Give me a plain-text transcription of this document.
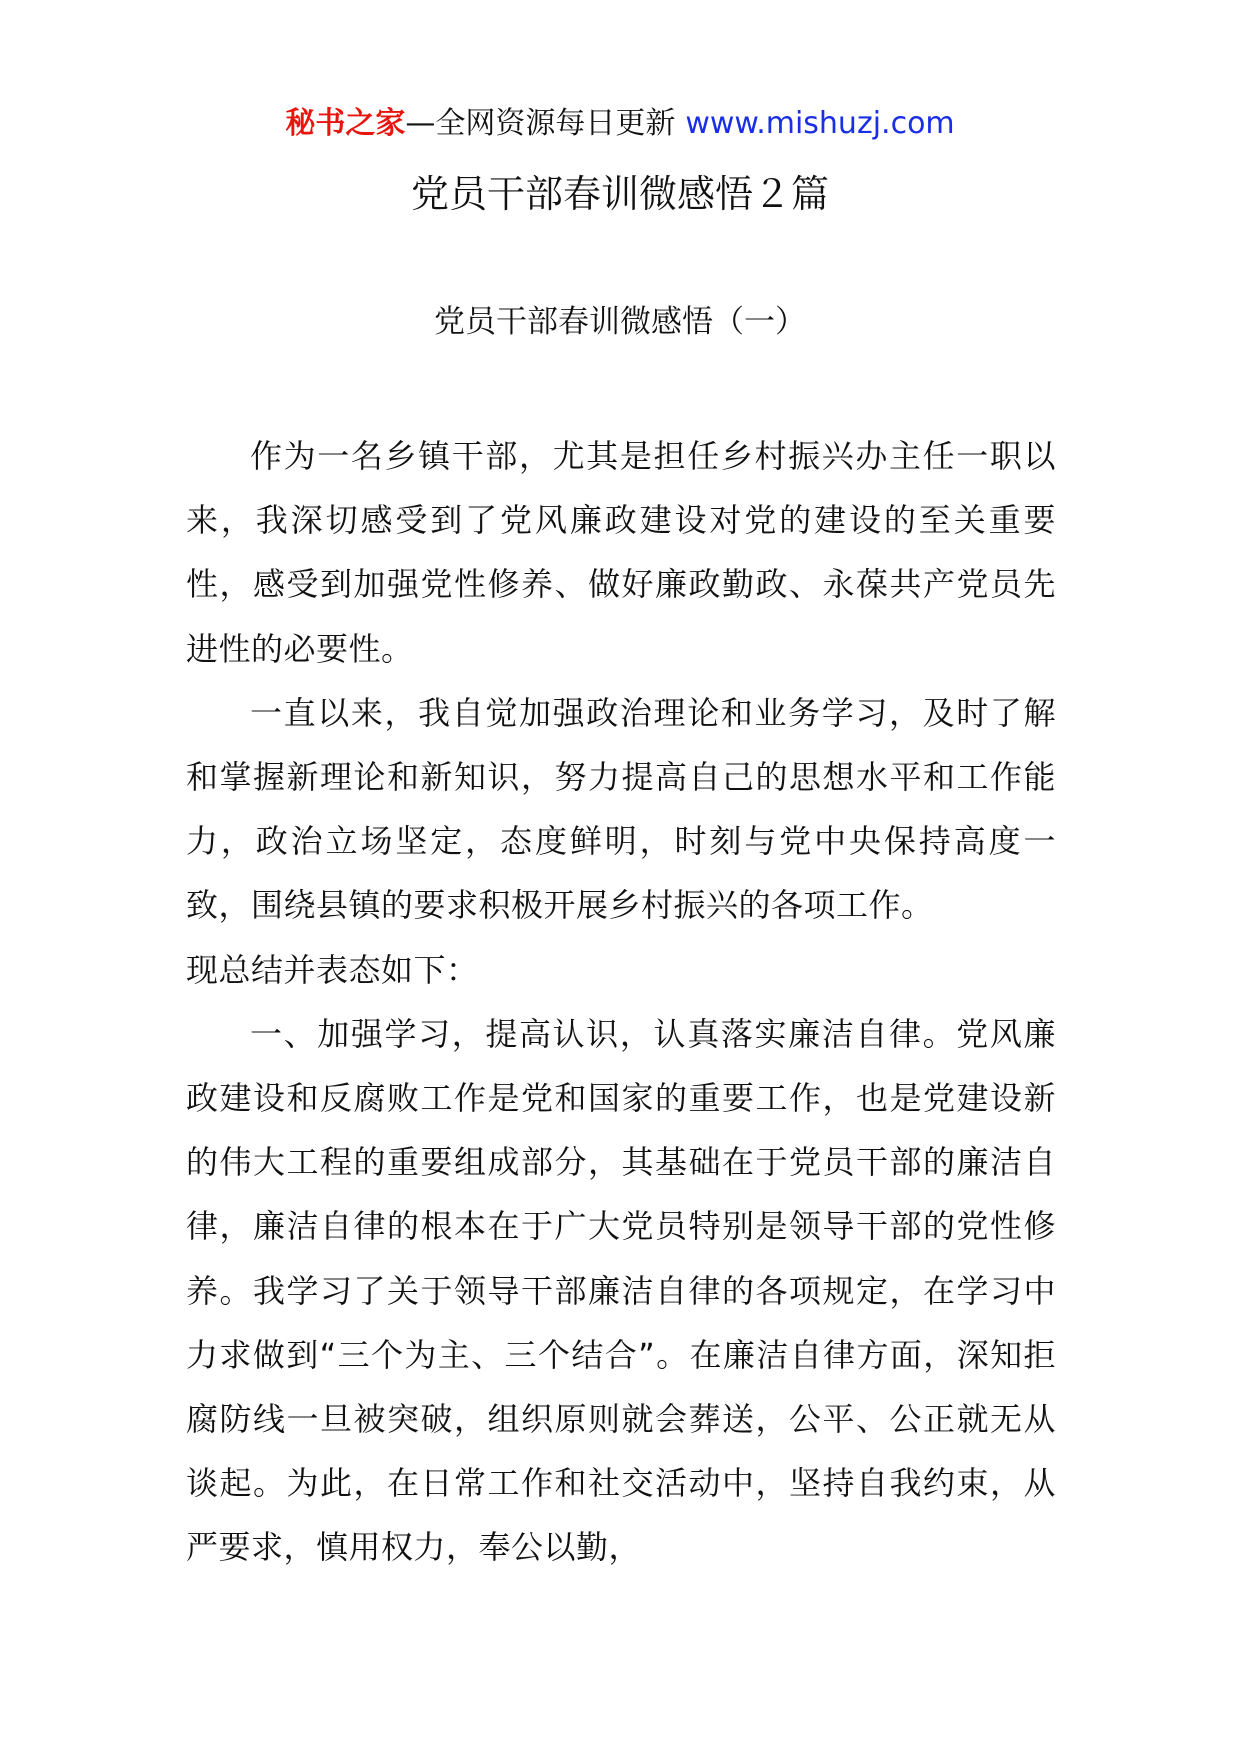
秘书之家—全网资源每日更新 www.mishuzj.com
党员干部春训微感悟２篇
党员干部春训微感悟（一）

作为一名乡镇干部，尤其是担任乡村振兴办主任一职以来，我深切感受到了党风廉政建设对党的建设的至关重要性，感受到加强党性修养、做好廉政勤政、永葆共产党员先进性的必要性。

一直以来，我自觉加强政治理论和业务学习，及时了解和掌握新理论和新知识，努力提高自己的思想水平和工作能力，政治立场坚定，态度鲜明，时刻与党中央保持高度一致，围绕县镇的要求积极开展乡村振兴的各项工作。

现总结并表态如下：

一、加强学习，提高认识，认真落实廉洁自律。党风廉政建设和反腐败工作是党和国家的重要工作，也是党建设新的伟大工程的重要组成部分，其基础在于党员干部的廉洁自律，廉洁自律的根本在于广大党员特别是领导干部的党性修养。我学习了关于领导干部廉洁自律的各项规定，在学习中力求做到“三个为主、三个结合”。在廉洁自律方面，深知拒腐防线一旦被突破，组织原则就会葬送，公平、公正就无从谈起。为此，在日常工作和社交活动中，坚持自我约束，从严要求，慎用权力，奉公以勤，
